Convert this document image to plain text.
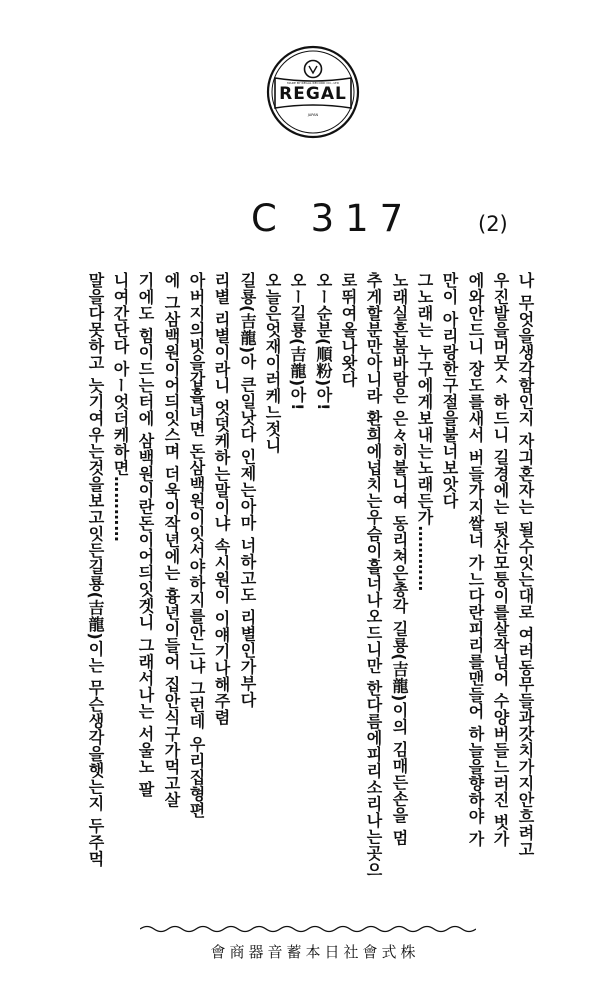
REGAL
MADE BY REGAL RECORD CO., LTD
JAPAN
C 317	(2)
나 무엇을생각함인지 자긔혼자는 될수잇는대로 여러동무들과갓치가지안흐려고
우진발을머뭇ㅅ 하드니 길경에는 뒷산모퉁이를살작넘어 수양버들느러진 벗가
에와안드니 장도를새서 버들가지쌀너 가느다란피리를맨들어 하늘을향하야 가
만이 아리랑한구절을불너보앗다
그노래는 누구에게보내는노래든가…………
노래실흔봄바람은 은々히불니여 동리쳐은총각 길룡(吉龍)이의 김매든손을 멈
추게할분만아니라 환희에넙치는우슴이흘너나오드니만 한다름에피리소리나는곳으
로뛰여올나왓다
오ー순분(順粉)아!
오ー길룡(吉龍)아!
오늘은엇재이러케느젓니
길룡(吉龍)아 큰일낫다 인제는아마 너하고도 리별인가부다
리별 리별이라니 엇덧케하는말이냐 속시원이 이얘기나해주렴
아버지의빗을갑흘녀면 돈삼백원이잇서야하지를안느냐 그런데 우리집형편
에 그삼백원이어듸잇스며 더욱이작년에는 흉년이들어 집안식구가먹고살
기에도 힘이드는터에 삼백원이란돈이어듸잇겟니 그래서나는 서울노 팔
니여간단다 아ー엇더케하면…………
말을다못하고 늣기여우는것을보고잇든길룡(吉龍)이는 무슨생각을햇는지 두주먹
會商器音蓄本日社會式株
